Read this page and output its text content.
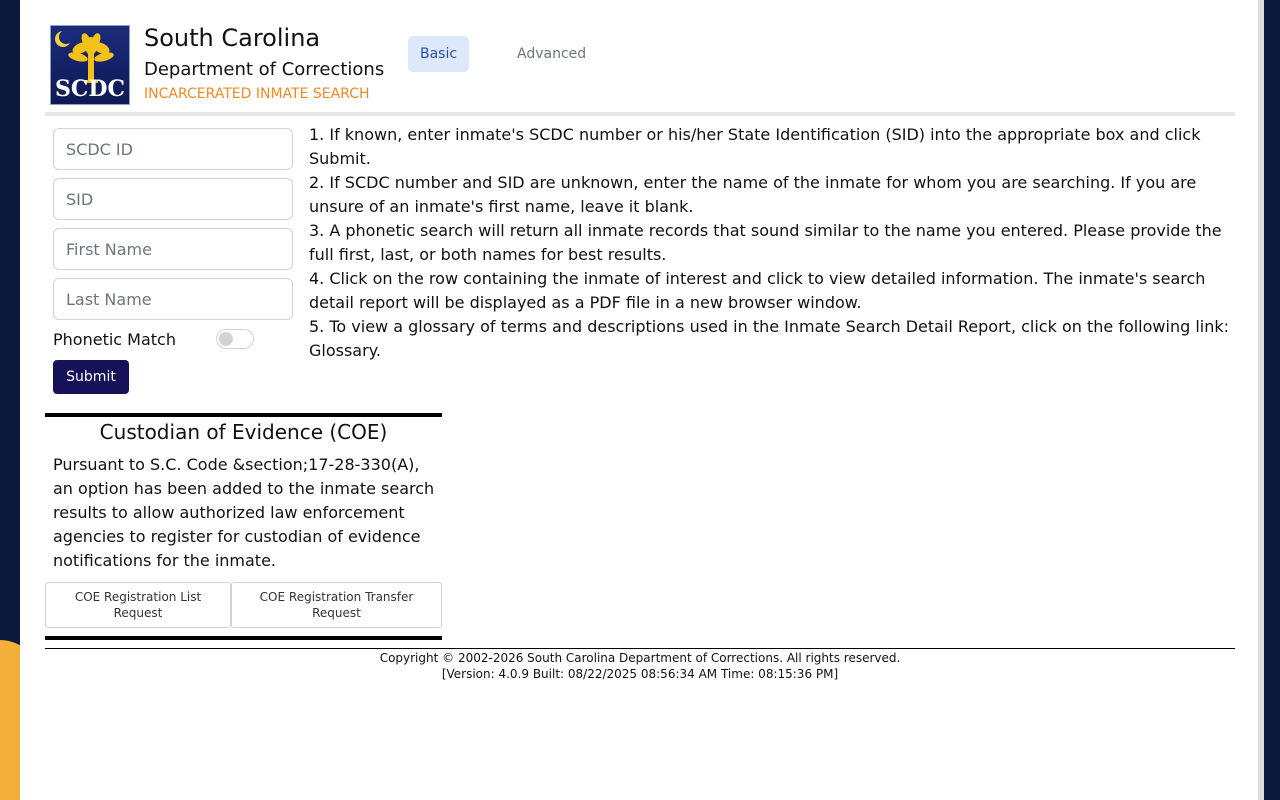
SCDC
South Carolina
Department of Corrections
INCARCERATED INMATE SEARCH
Basic	Advanced
SCDC ID
SID
First Name
Last Name
Phonetic Match
Submit

1. If known, enter inmate's SCDC number or his/her State Identification (SID) into the appropriate box and click Submit.

2. If SCDC number and SID are unknown, enter the name of the inmate for whom you are searching. If you are unsure of an inmate's first name, leave it blank.

3. A phonetic search will return all inmate records that sound similar to the name you entered. Please provide the full first, last, or both names for best results.

4. Click on the row containing the inmate of interest and click to view detailed information. The inmate's search detail report will be displayed as a PDF file in a new browser window.

5. To view a glossary of terms and descriptions used in the Inmate Search Detail Report, click on the following link: Glossary.

Custodian of Evidence (COE)
Pursuant to S.C. Code &section;17-28-330(A), an option has been added to the inmate search results to allow authorized law enforcement agencies to register for custodian of evidence notifications for the inmate.
COE Registration List Request
COE Registration Transfer Request
Copyright © 2002-2026 South Carolina Department of Corrections. All rights reserved.
[Version: 4.0.9 Built: 08/22/2025 08:56:34 AM Time: 08:15:36 PM]
